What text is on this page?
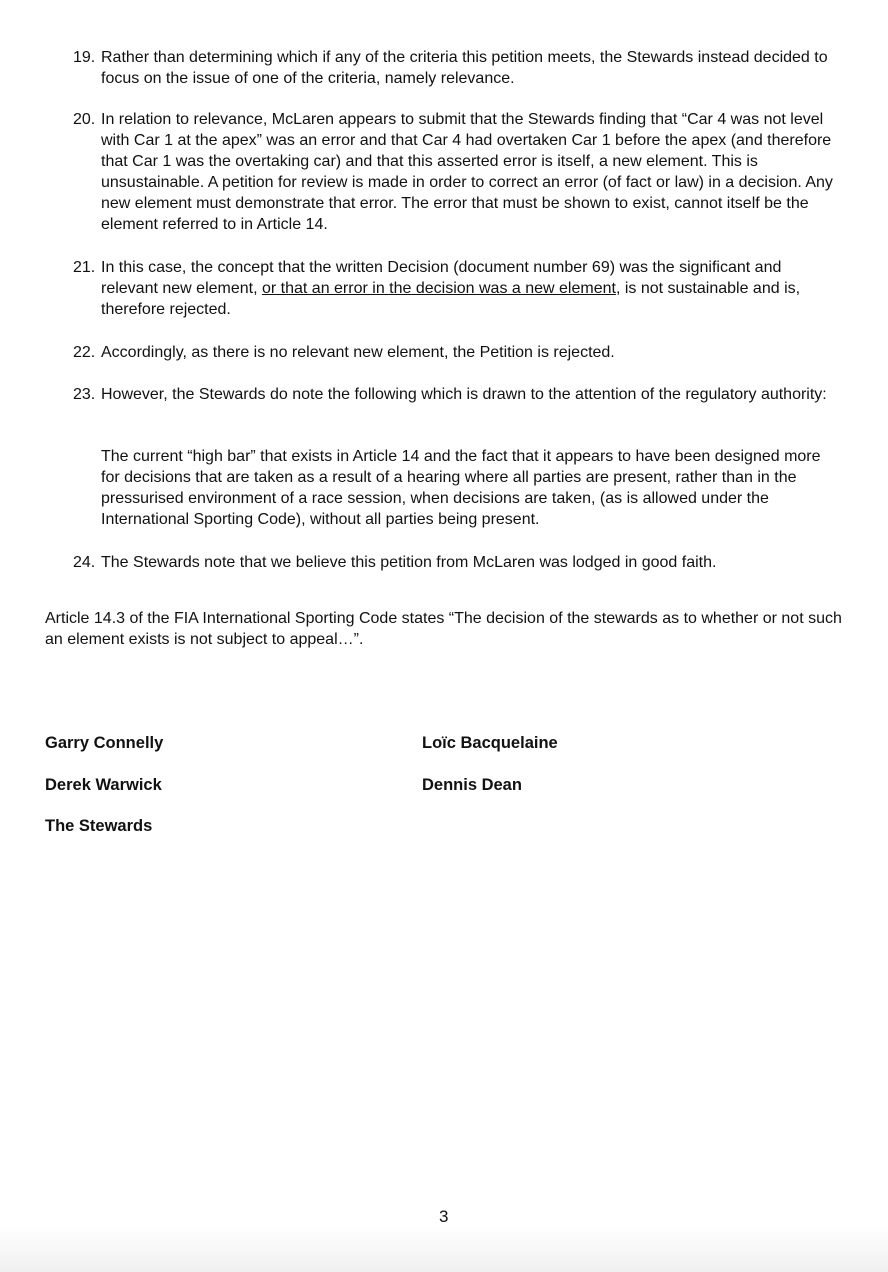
19. Rather than determining which if any of the criteria this petition meets, the Stewards instead decided to focus on the issue of one of the criteria, namely relevance.
20. In relation to relevance, McLaren appears to submit that the Stewards finding that “Car 4 was not level with Car 1 at the apex” was an error and that Car 4 had overtaken Car 1 before the apex (and therefore that Car 1 was the overtaking car) and that this asserted error is itself, a new element. This is unsustainable. A petition for review is made in order to correct an error (of fact or law) in a decision. Any new element must demonstrate that error. The error that must be shown to exist, cannot itself be the element referred to in Article 14.
21. In this case, the concept that the written Decision (document number 69) was the significant and relevant new element, or that an error in the decision was a new element, is not sustainable and is, therefore rejected.
22. Accordingly, as there is no relevant new element, the Petition is rejected.
23. However, the Stewards do note the following which is drawn to the attention of the regulatory authority:
The current “high bar” that exists in Article 14 and the fact that it appears to have been designed more for decisions that are taken as a result of a hearing where all parties are present, rather than in the pressurised environment of a race session, when decisions are taken, (as is allowed under the International Sporting Code), without all parties being present.
24. The Stewards note that we believe this petition from McLaren was lodged in good faith.
Article 14.3 of the FIA International Sporting Code states “The decision of the stewards as to whether or not such an element exists is not subject to appeal…”.
Garry Connelly
Derek Warwick
The Stewards
Loïc Bacquelaine
Dennis Dean
3
